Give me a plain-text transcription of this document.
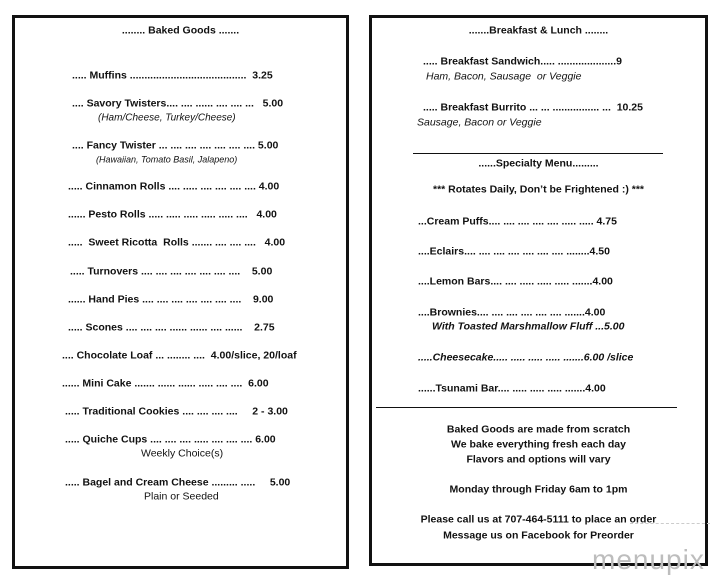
........ Baked Goods .......
..... Muffins ........................................  3.25
.... Savory Twisters.... .... ...... .... .... ...   5.00
(Ham/Cheese, Turkey/Cheese)
.... Fancy Twister ... .... .... .... .... .... .... 5.00
(Hawaiian, Tomato Basil, Jalapeno)
..... Cinnamon Rolls .... ..... .... .... .... .... 4.00
...... Pesto Rolls ..... ..... ..... ..... ..... ....   4.00
.....  Sweet Ricotta  Rolls ....... .... .... ....   4.00
..... Turnovers .... .... .... .... .... .... ....    5.00
...... Hand Pies .... .... .... .... .... .... ....    9.00
..... Scones .... .... .... ...... ...... .... ......    2.75
.... Chocolate Loaf ... ........ ....  4.00/slice, 20/loaf
...... Mini Cake ....... ...... ...... ..... .... ....  6.00
..... Traditional Cookies .... .... .... ....     2 - 3.00
..... Quiche Cups .... .... .... ..... .... .... .... 6.00
Weekly Choice(s)
..... Bagel and Cream Cheese ......... .....     5.00
Plain or Seeded
.......Breakfast & Lunch ........
..... Breakfast Sandwich..... ....................9
Ham, Bacon, Sausage  or Veggie
..... Breakfast Burrito ... ... ................ ...  10.25
Sausage, Bacon or Veggie
......Specialty Menu.........
*** Rotates Daily, Don’t be Frightened :) ***
...Cream Puffs.... .... .... .... .... ..... ..... 4.75
....Eclairs.... .... .... .... .... .... .... ........4.50
....Lemon Bars.... .... ..... ..... ..... .......4.00
....Brownies.... .... .... .... .... .... .......4.00
With Toasted Marshmallow Fluff ...5.00
.....Cheesecake..... ..... ..... ..... .......6.00 /slice
......Tsunami Bar.... ..... ..... ..... .......4.00
Baked Goods are made from scratch
We bake everything fresh each day
Flavors and options will vary
Monday through Friday 6am to 1pm
Please call us at 707-464-5111 to place an order
Message us on Facebook for Preorder
menupix
